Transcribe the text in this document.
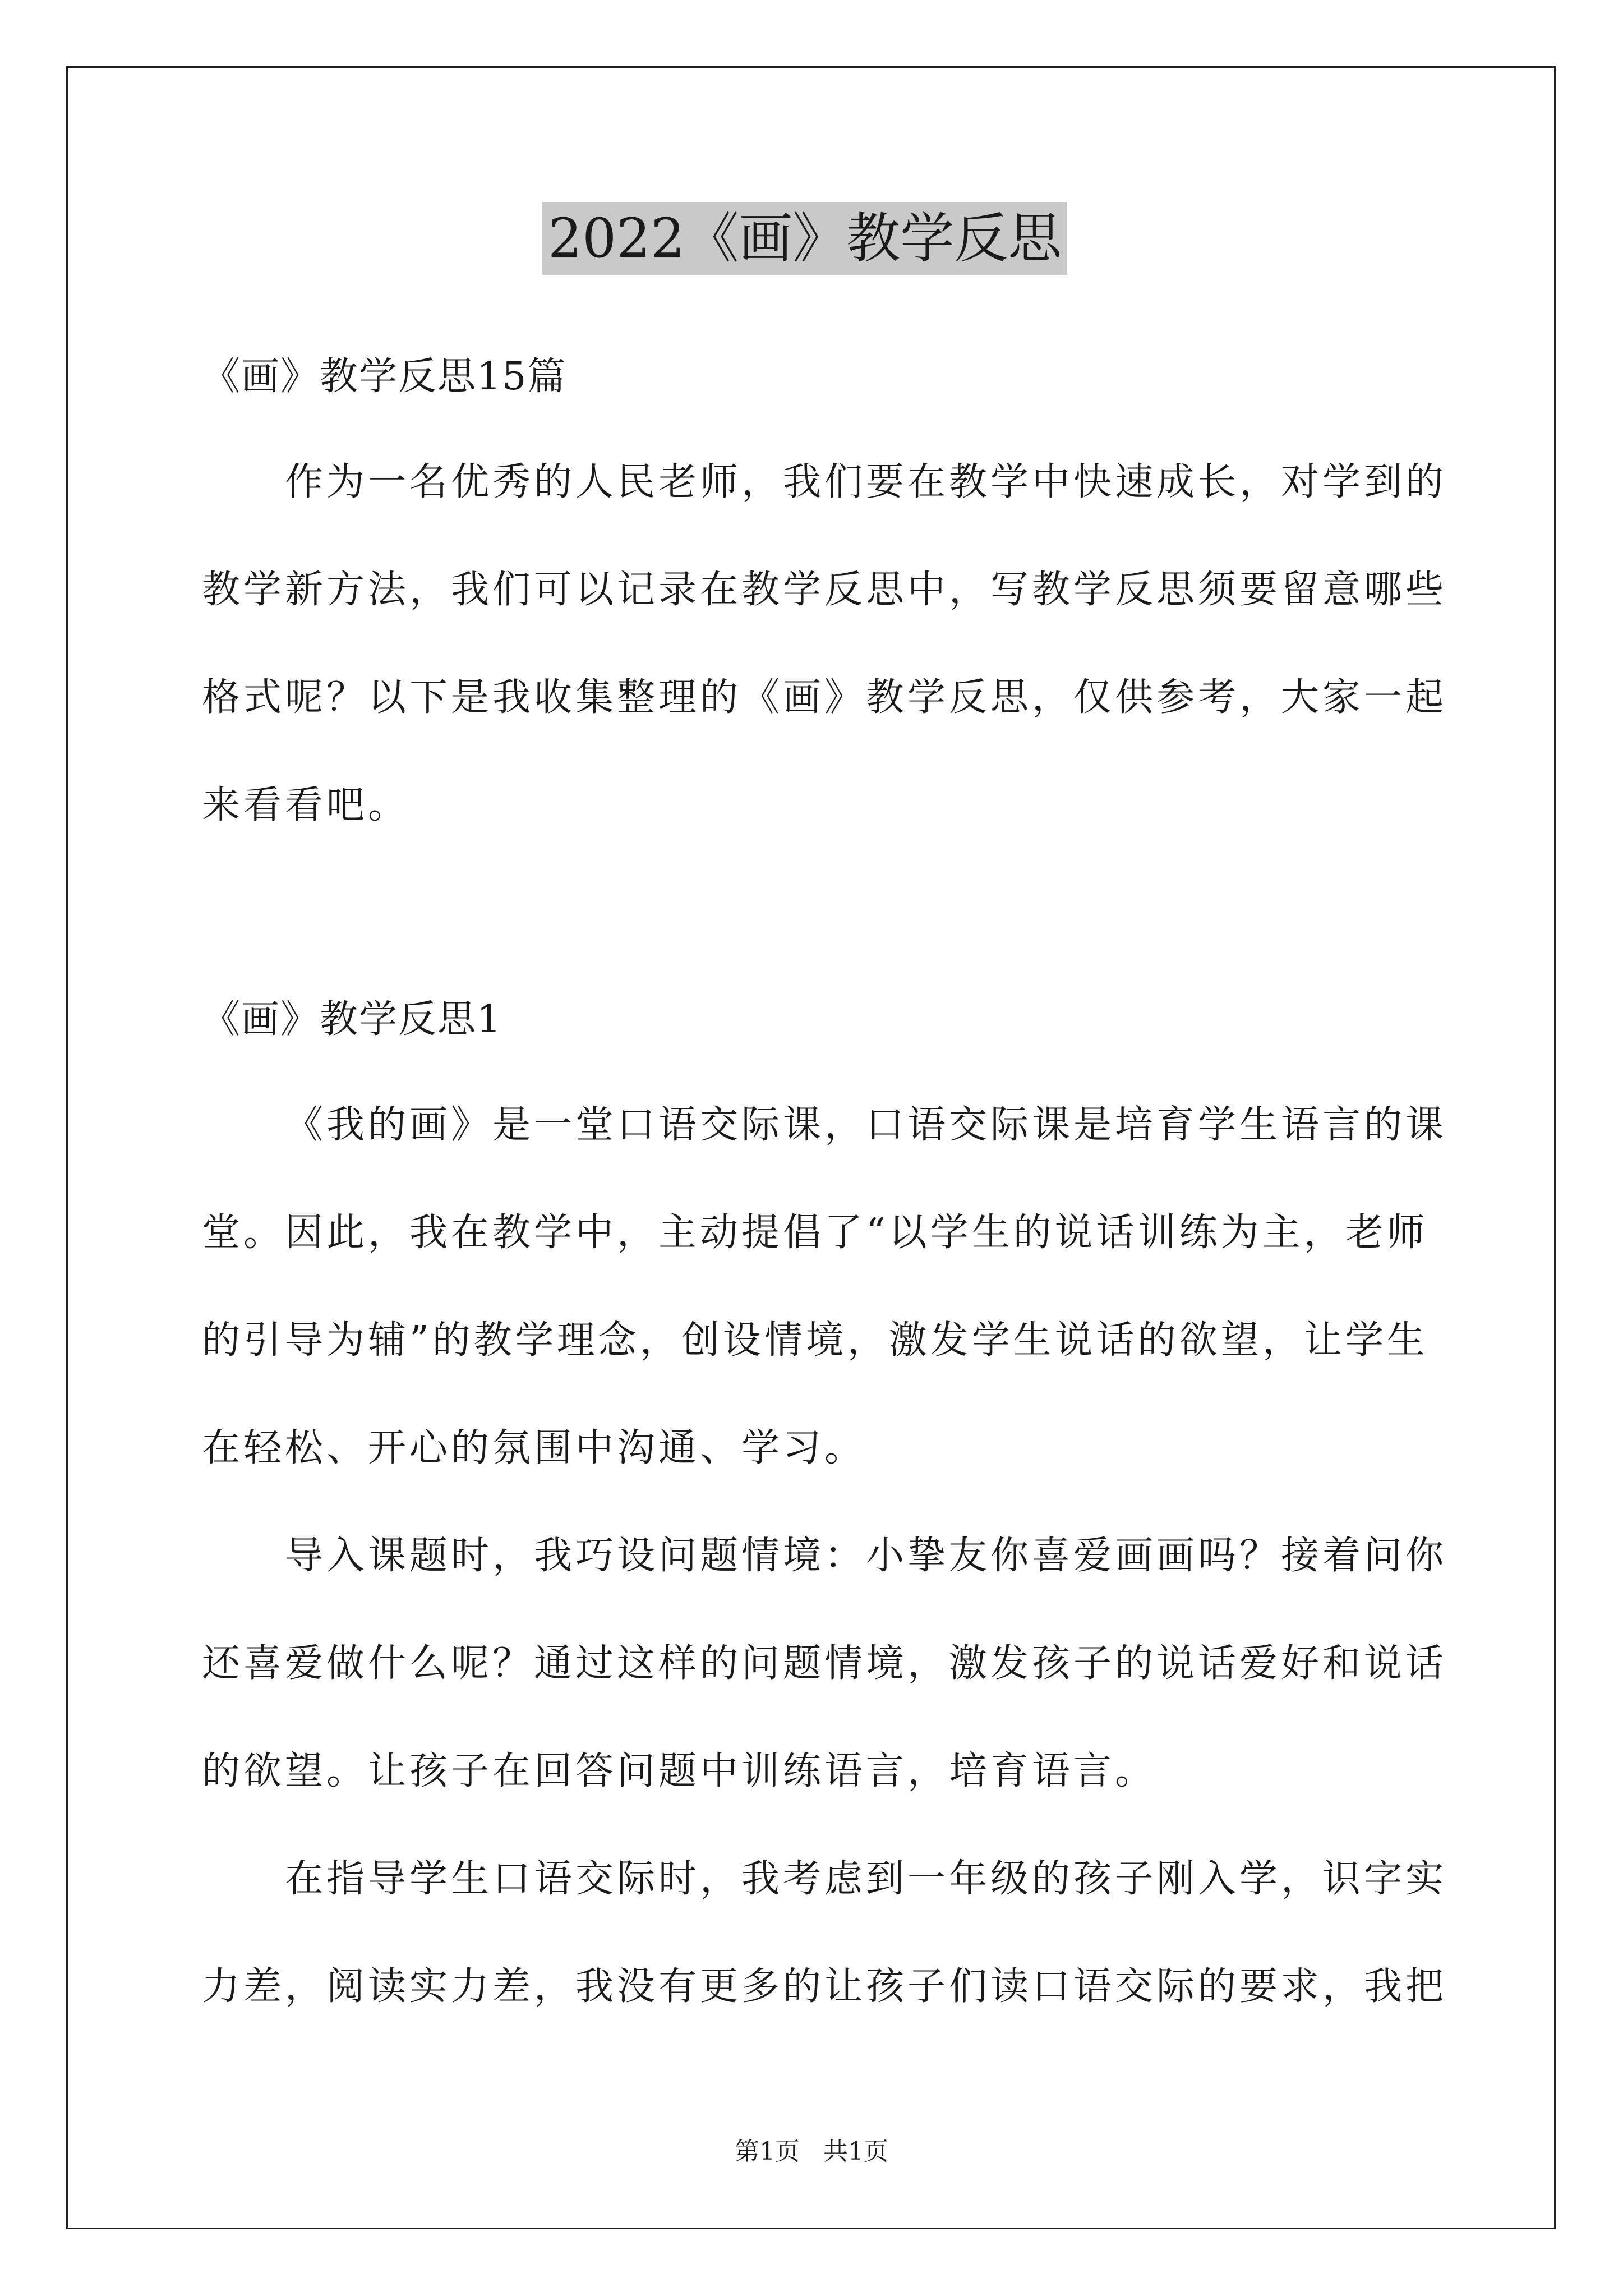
2022《画》教学反思
《画》教学反思15篇
作为一名优秀的人民老师，我们要在教学中快速成长，对学到的
教学新方法，我们可以记录在教学反思中，写教学反思须要留意哪些
格式呢？以下是我收集整理的《画》教学反思，仅供参考，大家一起
来看看吧。
《画》教学反思1
《我的画》是一堂口语交际课，口语交际课是培育学生语言的课
堂。因此，我在教学中，主动提倡了“以学生的说话训练为主，老师
的引导为辅”的教学理念，创设情境，激发学生说话的欲望，让学生
在轻松、开心的氛围中沟通、学习。
导入课题时，我巧设问题情境：小挚友你喜爱画画吗？接着问你
还喜爱做什么呢？通过这样的问题情境，激发孩子的说话爱好和说话
的欲望。让孩子在回答问题中训练语言，培育语言。
在指导学生口语交际时，我考虑到一年级的孩子刚入学，识字实
力差，阅读实力差，我没有更多的让孩子们读口语交际的要求，我把
第1页 共1页
